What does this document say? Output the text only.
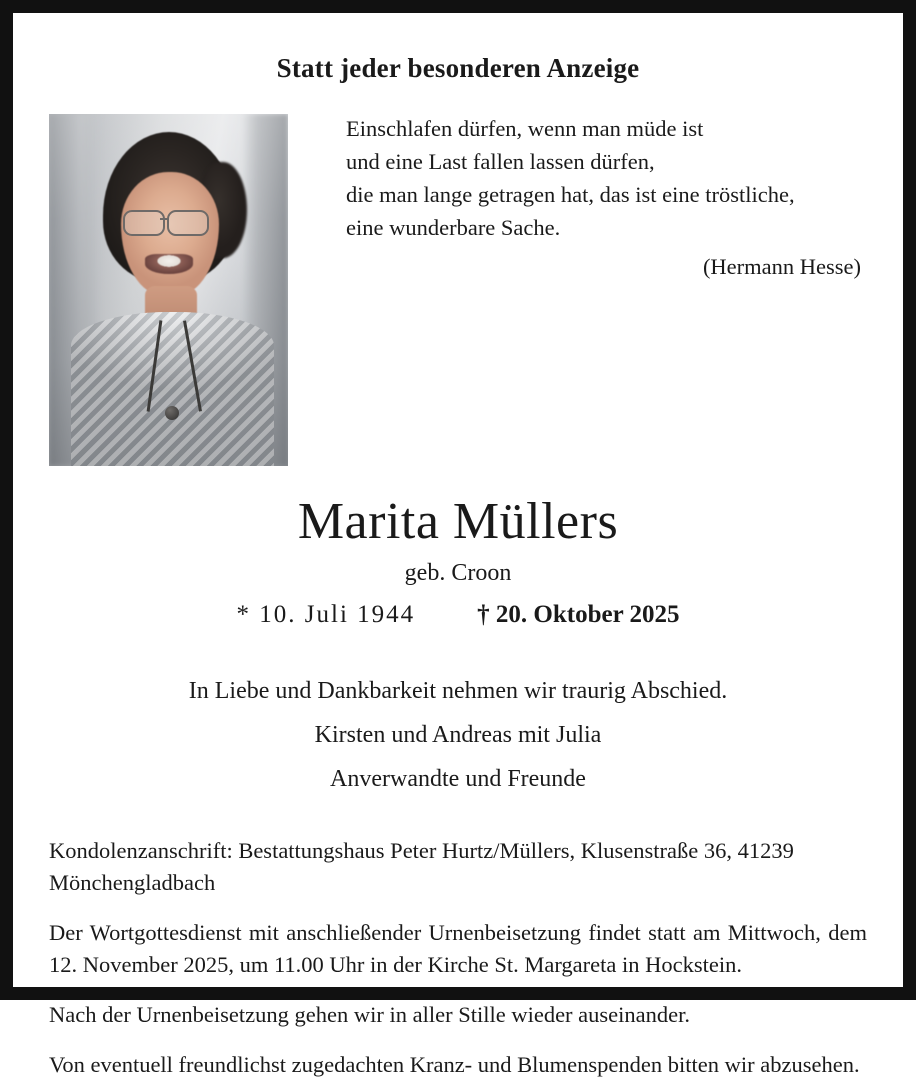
Statt jeder besonderen Anzeige
Einschlafen dürfen, wenn man müde ist
und eine Last fallen lassen dürfen,
die man lange getragen hat, das ist eine tröstliche,
eine wunderbare Sache.
(Hermann Hesse)
Marita Müllers
geb. Croon
* 10. Juli 1944 † 20. Oktober 2025
In Liebe und Dankbarkeit nehmen wir traurig Abschied.
Kirsten und Andreas mit Julia
Anverwandte und Freunde

Kondolenzanschrift: Bestattungshaus Peter Hurtz/Müllers, Klusenstraße 36, 41239 Mönchengladbach

Der Wortgottesdienst mit anschließender Urnenbeisetzung findet statt am Mittwoch, dem 12. November 2025, um 11.00 Uhr in der Kirche St. Margareta in Hockstein.

Nach der Urnenbeisetzung gehen wir in aller Stille wieder auseinander.

Von eventuell freundlichst zugedachten Kranz- und Blumenspenden bitten wir abzusehen.
